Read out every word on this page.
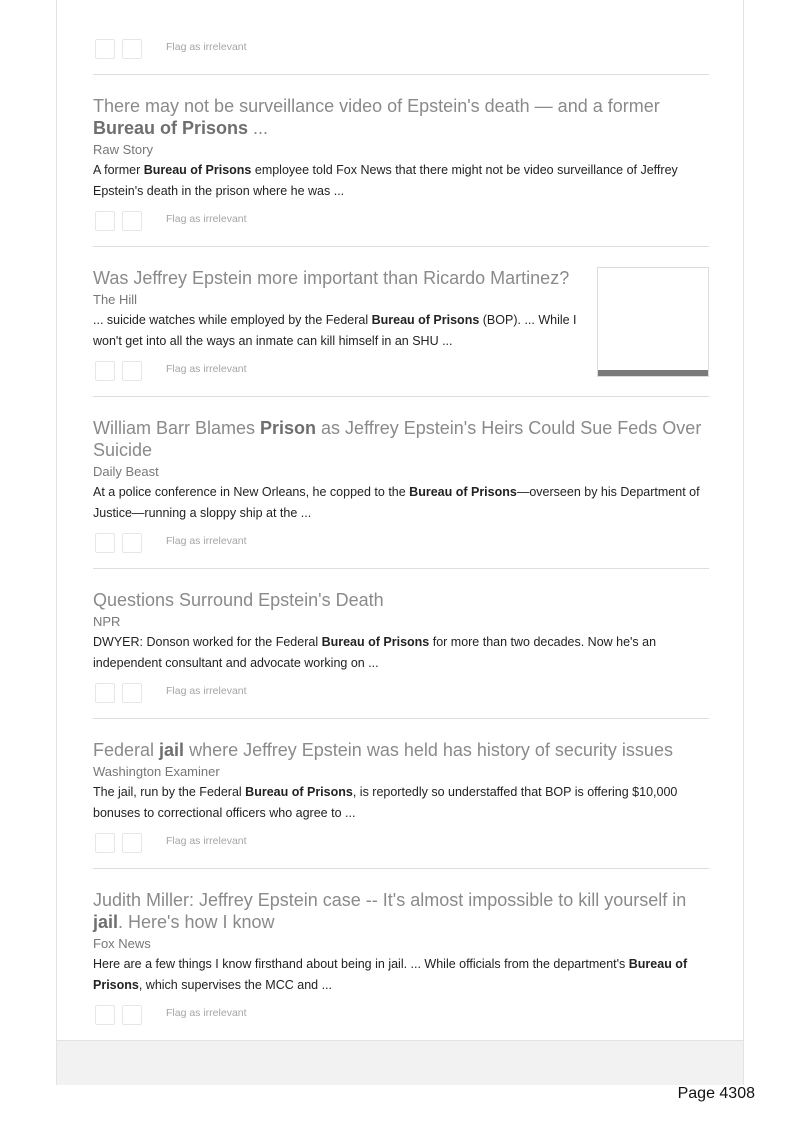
Flag as irrelevant
There may not be surveillance video of Epstein's death — and a former Bureau of Prisons ...
Raw Story
A former Bureau of Prisons employee told Fox News that there might not be video surveillance of Jeffrey Epstein's death in the prison where he was ...
Flag as irrelevant
Was Jeffrey Epstein more important than Ricardo Martinez?
The Hill
... suicide watches while employed by the Federal Bureau of Prisons (BOP). ... While I won't get into all the ways an inmate can kill himself in an SHU ...
Flag as irrelevant
William Barr Blames Prison as Jeffrey Epstein's Heirs Could Sue Feds Over Suicide
Daily Beast
At a police conference in New Orleans, he copped to the Bureau of Prisons—overseen by his Department of Justice—running a sloppy ship at the ...
Flag as irrelevant
Questions Surround Epstein's Death
NPR
DWYER: Donson worked for the Federal Bureau of Prisons for more than two decades. Now he's an independent consultant and advocate working on ...
Flag as irrelevant
Federal jail where Jeffrey Epstein was held has history of security issues
Washington Examiner
The jail, run by the Federal Bureau of Prisons, is reportedly so understaffed that BOP is offering $10,000 bonuses to correctional officers who agree to ...
Flag as irrelevant
Judith Miller: Jeffrey Epstein case -- It's almost impossible to kill yourself in jail. Here's how I know
Fox News
Here are a few things I know firsthand about being in jail. ... While officials from the department's Bureau of Prisons, which supervises the MCC and ...
Flag as irrelevant
Page 4308
